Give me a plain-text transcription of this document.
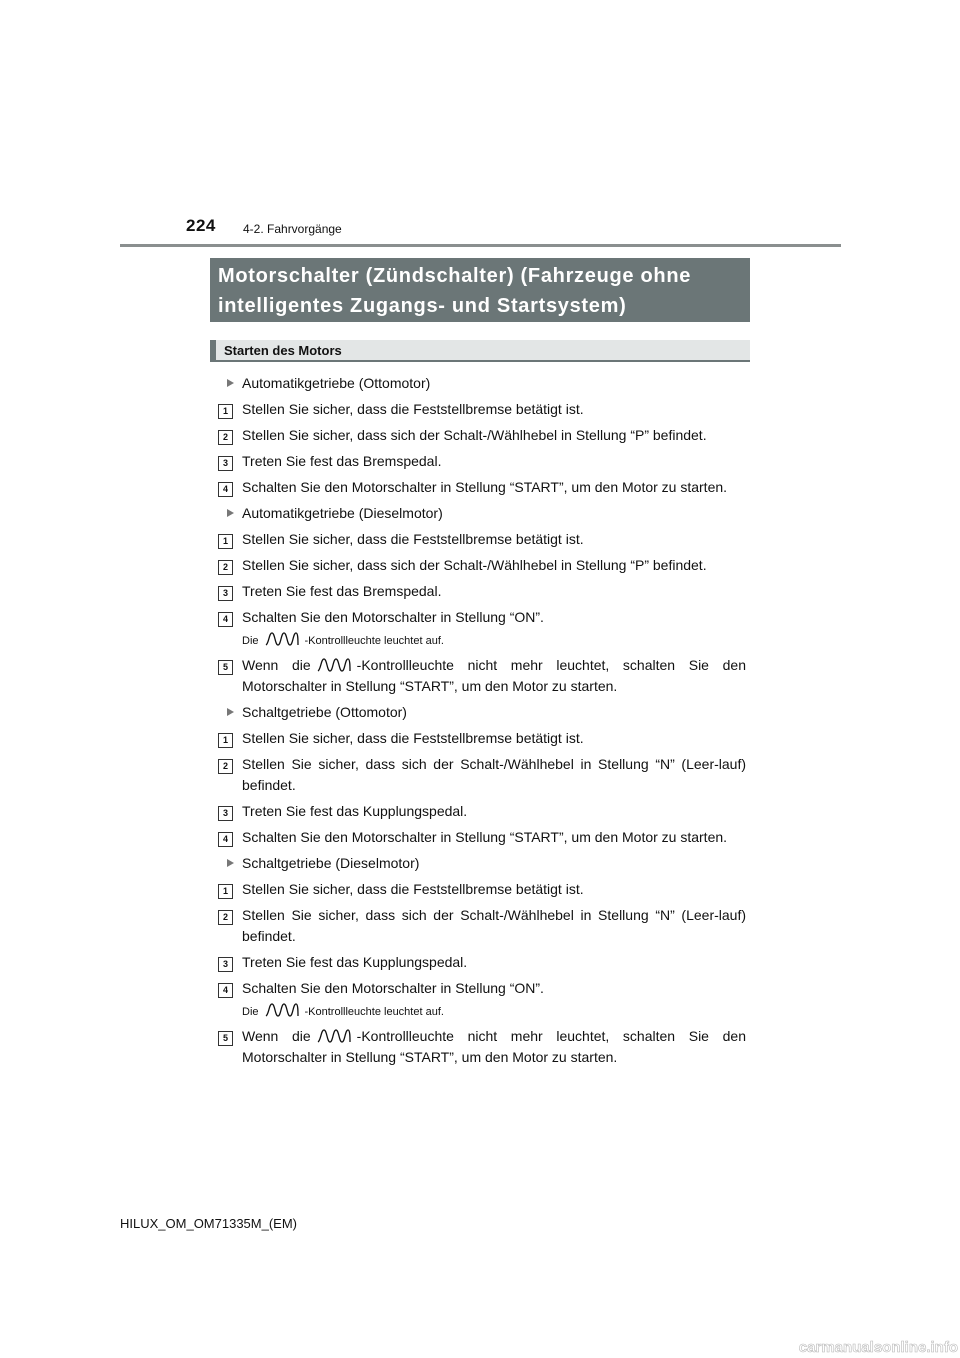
224 4-2. Fahrvorgänge
Motorschalter (Zündschalter) (Fahrzeuge ohne
intelligentes Zugangs- und Startsystem)
Starten des Motors
Automatikgetriebe (Ottomotor)
1	Stellen Sie sicher, dass die Feststellbremse betätigt ist.
2	Stellen Sie sicher, dass sich der Schalt-/Wählhebel in Stellung “P” befindet.
3	Treten Sie fest das Bremspedal.
4	Schalten Sie den Motorschalter in Stellung “START”, um den Motor zu starten.
Automatikgetriebe (Dieselmotor)
1	Stellen Sie sicher, dass die Feststellbremse betätigt ist.
2	Stellen Sie sicher, dass sich der Schalt-/Wählhebel in Stellung “P” befindet.
3	Treten Sie fest das Bremspedal.
4	Schalten Sie den Motorschalter in Stellung “ON”.
Die	-Kontrollleuchte leuchtet auf.
5	Wenn die	-Kontrollleuchte nicht mehr leuchtet, schalten Sie den Motorschalter in Stellung “START”, um den Motor zu starten.
Schaltgetriebe (Ottomotor)
1	Stellen Sie sicher, dass die Feststellbremse betätigt ist.
2	Stellen Sie sicher, dass sich der Schalt-/Wählhebel in Stellung “N” (Leer-lauf) befindet.
3	Treten Sie fest das Kupplungspedal.
4	Schalten Sie den Motorschalter in Stellung “START”, um den Motor zu starten.
Schaltgetriebe (Dieselmotor)
1	Stellen Sie sicher, dass die Feststellbremse betätigt ist.
2	Stellen Sie sicher, dass sich der Schalt-/Wählhebel in Stellung “N” (Leer-lauf) befindet.
3	Treten Sie fest das Kupplungspedal.
4	Schalten Sie den Motorschalter in Stellung “ON”.
Die	-Kontrollleuchte leuchtet auf.
5	Wenn die	-Kontrollleuchte nicht mehr leuchtet, schalten Sie den Motorschalter in Stellung “START”, um den Motor zu starten.
HILUX_OM_OM71335M_(EM)
carmanualsonline.info
